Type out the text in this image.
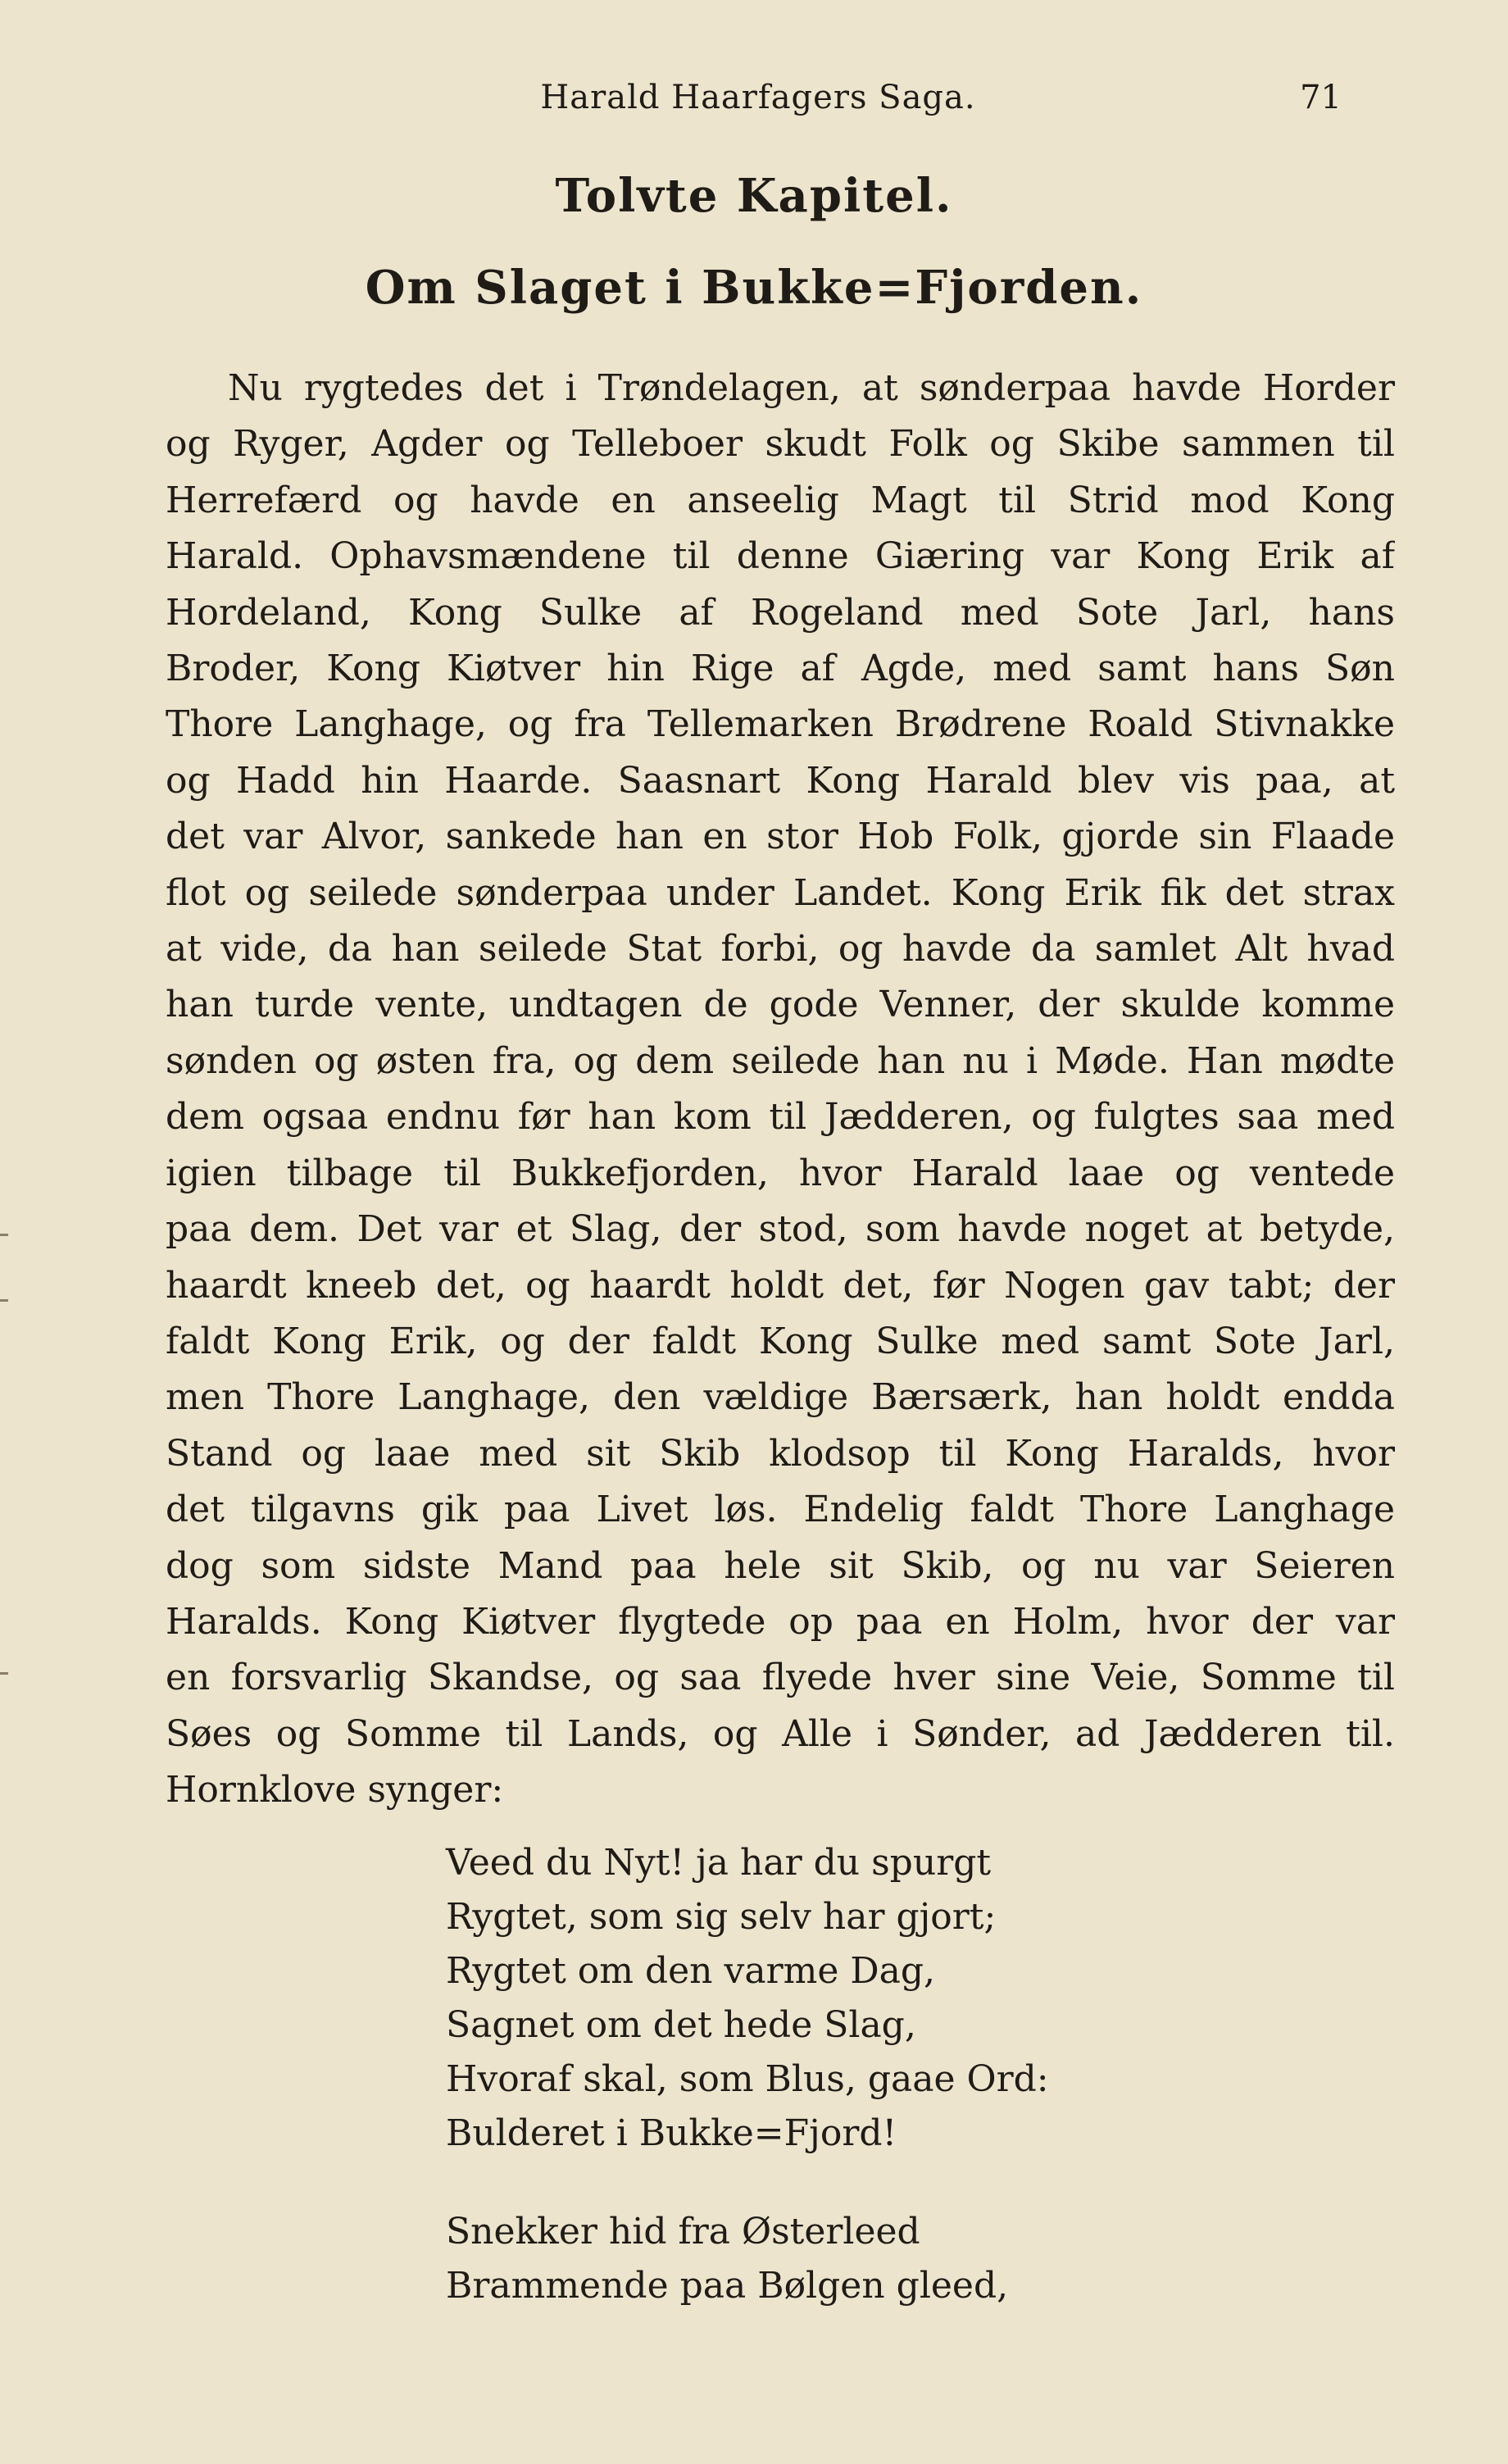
Harald Haarfagers Saga.	71
Tolvte Kapitel.
Om Slaget i Bukke=Fjorden.
Nu rygtedes det i Trøndelagen, at sønderpaa havde Horder
og Ryger, Agder og Telleboer skudt Folk og Skibe sammen til
Herrefærd og havde en anseelig Magt til Strid mod Kong
Harald. Ophavsmændene til denne Giæring var Kong Erik af
Hordeland, Kong Sulke af Rogeland med Sote Jarl, hans
Broder, Kong Kiøtver hin Rige af Agde, med samt hans Søn
Thore Langhage, og fra Tellemarken Brødrene Roald Stivnakke
og Hadd hin Haarde. Saasnart Kong Harald blev vis paa, at
det var Alvor, sankede han en stor Hob Folk, gjorde sin Flaade
flot og seilede sønderpaa under Landet. Kong Erik fik det strax
at vide, da han seilede Stat forbi, og havde da samlet Alt hvad
han turde vente, undtagen de gode Venner, der skulde komme
sønden og østen fra, og dem seilede han nu i Møde. Han mødte
dem ogsaa endnu før han kom til Jædderen, og fulgtes saa med
igien tilbage til Bukkefjorden, hvor Harald laae og ventede
paa dem. Det var et Slag, der stod, som havde noget at betyde,
haardt kneeb det, og haardt holdt det, før Nogen gav tabt; der
faldt Kong Erik, og der faldt Kong Sulke med samt Sote Jarl,
men Thore Langhage, den vældige Bærsærk, han holdt endda
Stand og laae med sit Skib klodsop til Kong Haralds, hvor
det tilgavns gik paa Livet løs. Endelig faldt Thore Langhage
dog som sidste Mand paa hele sit Skib, og nu var Seieren
Haralds. Kong Kiøtver flygtede op paa en Holm, hvor der var
en forsvarlig Skandse, og saa flyede hver sine Veie, Somme til
Søes og Somme til Lands, og Alle i Sønder, ad Jædderen til.
Hornklove synger:
Veed du Nyt! ja har du spurgt
Rygtet, som sig selv har gjort;
Rygtet om den varme Dag,
Sagnet om det hede Slag,
Hvoraf skal, som Blus, gaae Ord:
Bulderet i Bukke=Fjord!
Snekker hid fra Østerleed
Brammende paa Bølgen gleed,
